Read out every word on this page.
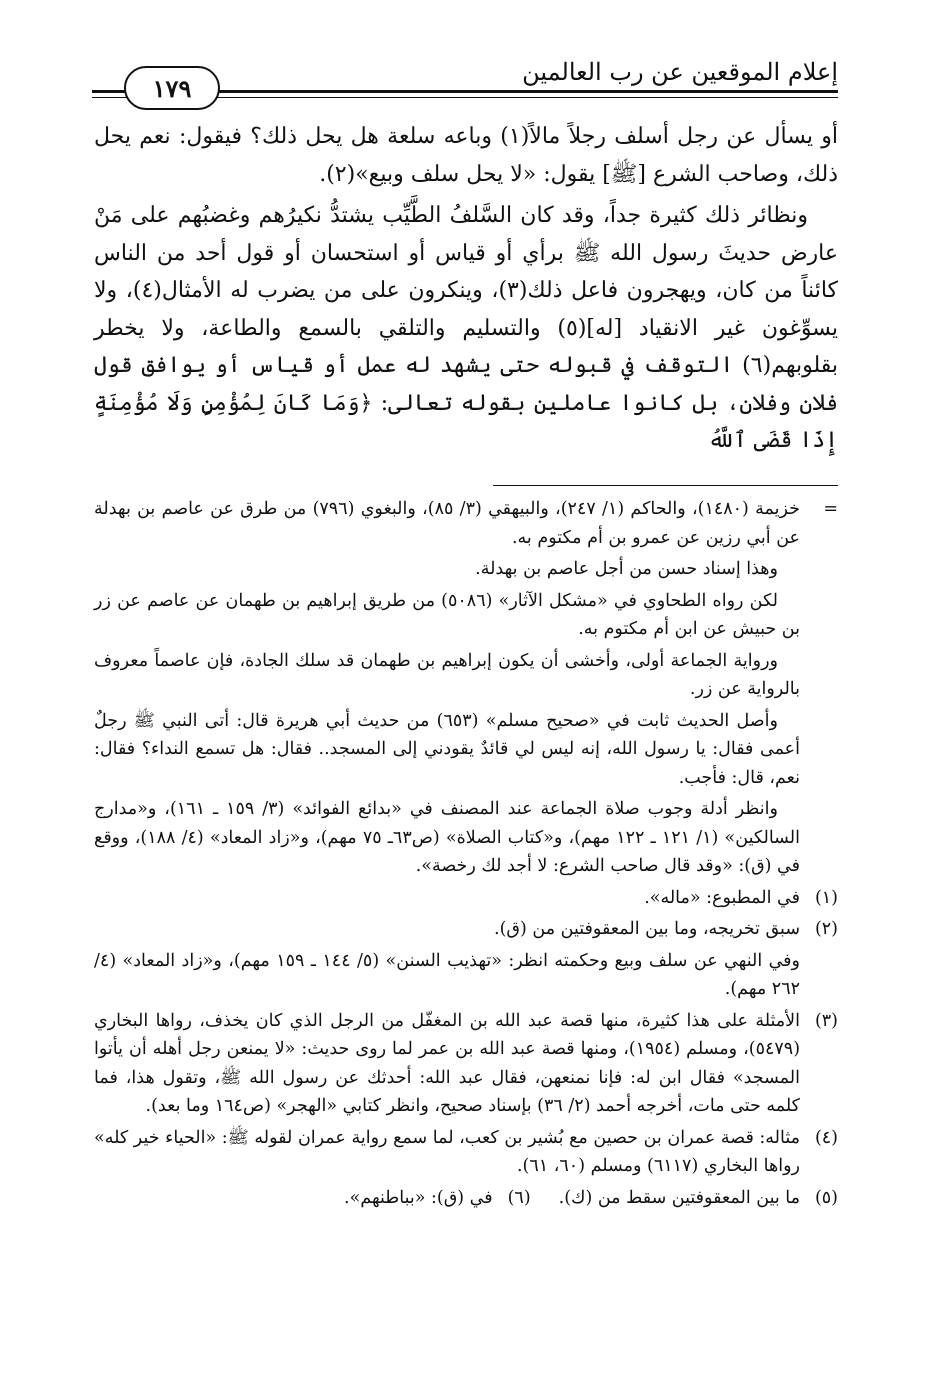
إعلام الموقعين عن رب العالمين
١٧٩

أو يسأل عن رجل أسلف رجلاً مالاً(١) وباعه سلعة هل يحل ذلك؟ فيقول: نعم يحل ذلك، وصاحب الشرع [ﷺ] يقول: «لا يحل سلف وبيع»(٢).

ونظائر ذلك كثيرة جداً، وقد كان السَّلفُ الطَّيِّب يشتدُّ نكيرُهم وغضبُهم على مَنْ عارض حديثَ رسول الله ﷺ برأي أو قياس أو استحسان أو قول أحد من الناس كائناً من كان، ويهجرون فاعل ذلك(٣)، وينكرون على من يضرب له الأمثال(٤)، ولا يسوِّغون غير الانقياد [له](٥) والتسليم والتلقي بالسمع والطاعة، ولا يخطر بقلوبهم(٦) التوقف في قبوله حتى يشهد له عمل أو قياس أو يوافق قول فلان وفلان، بل كانوا عاملين بقوله تعالى: ﴿وَمَا كَانَ لِمُؤْمِنٍ وَلَا مُؤْمِنَةٍ إِذَا قَضَى ٱللَّهُ

=
خزيمة (١٤٨٠)، والحاكم (١/ ٢٤٧)، والبيهقي (٣/ ٨٥)، والبغوي (٧٩٦) من طرق عن عاصم بن بهدلة عن أبي رزين عن عمرو بن أم مكتوم به.
وهذا إسناد حسن من أجل عاصم بن بهدلة.
لكن رواه الطحاوي في «مشكل الآثار» (٥٠٨٦) من طريق إبراهيم بن طهمان عن عاصم عن زر بن حبيش عن ابن أم مكتوم به.
ورواية الجماعة أولى، وأخشى أن يكون إبراهيم بن طهمان قد سلك الجادة، فإن عاصماً معروف بالرواية عن زر.
وأصل الحديث ثابت في «صحيح مسلم» (٦٥٣) من حديث أبي هريرة قال: أتى النبي ﷺ رجلٌ أعمى فقال: يا رسول الله، إنه ليس لي قائدٌ يقودني إلى المسجد.. فقال: هل تسمع النداء؟ فقال: نعم، قال: فأجب.
وانظر أدلة وجوب صلاة الجماعة عند المصنف في «بدائع الفوائد» (٣/ ١٥٩ ـ ١٦١)، و«مدارج السالكين» (١/ ١٢١ ـ ١٢٢ مهم)، و«كتاب الصلاة» (ص٦٣ـ ٧٥ مهم)، و«زاد المعاد» (٤/ ١٨٨)، ووقع في (ق): «وقد قال صاحب الشرع: لا أجد لك رخصة».
(١)
في المطبوع: «ماله».
(٢)
سبق تخريجه، وما بين المعقوفتين من (ق).
وفي النهي عن سلف وبيع وحكمته انظر: «تهذيب السنن» (٥/ ١٤٤ ـ ١٥٩ مهم)، و«زاد المعاد» (٤/ ٢٦٢ مهم).
(٣)
الأمثلة على هذا كثيرة، منها قصة عبد الله بن المغفّل من الرجل الذي كان يخذف، رواها البخاري (٥٤٧٩)، ومسلم (١٩٥٤)، ومنها قصة عبد الله بن عمر لما روى حديث: «لا يمنعن رجل أهله أن يأتوا المسجد» فقال ابن له: فإنا نمنعهن، فقال عبد الله: أحدثك عن رسول الله ﷺ، وتقول هذا، فما كلمه حتى مات، أخرجه أحمد (٢/ ٣٦) بإسناد صحيح، وانظر كتابي «الهجر» (ص١٦٤ وما بعد).
(٤)
مثاله: قصة عمران بن حصين مع بُشير بن كعب، لما سمع رواية عمران لقوله ﷺ: «الحياء خير كله» رواها البخاري (٦١١٧) ومسلم (٦٠، ٦١).
(٥)
ما بين المعقوفتين سقط من (ك).
(٦)
في (ق): «بباطنهم».
